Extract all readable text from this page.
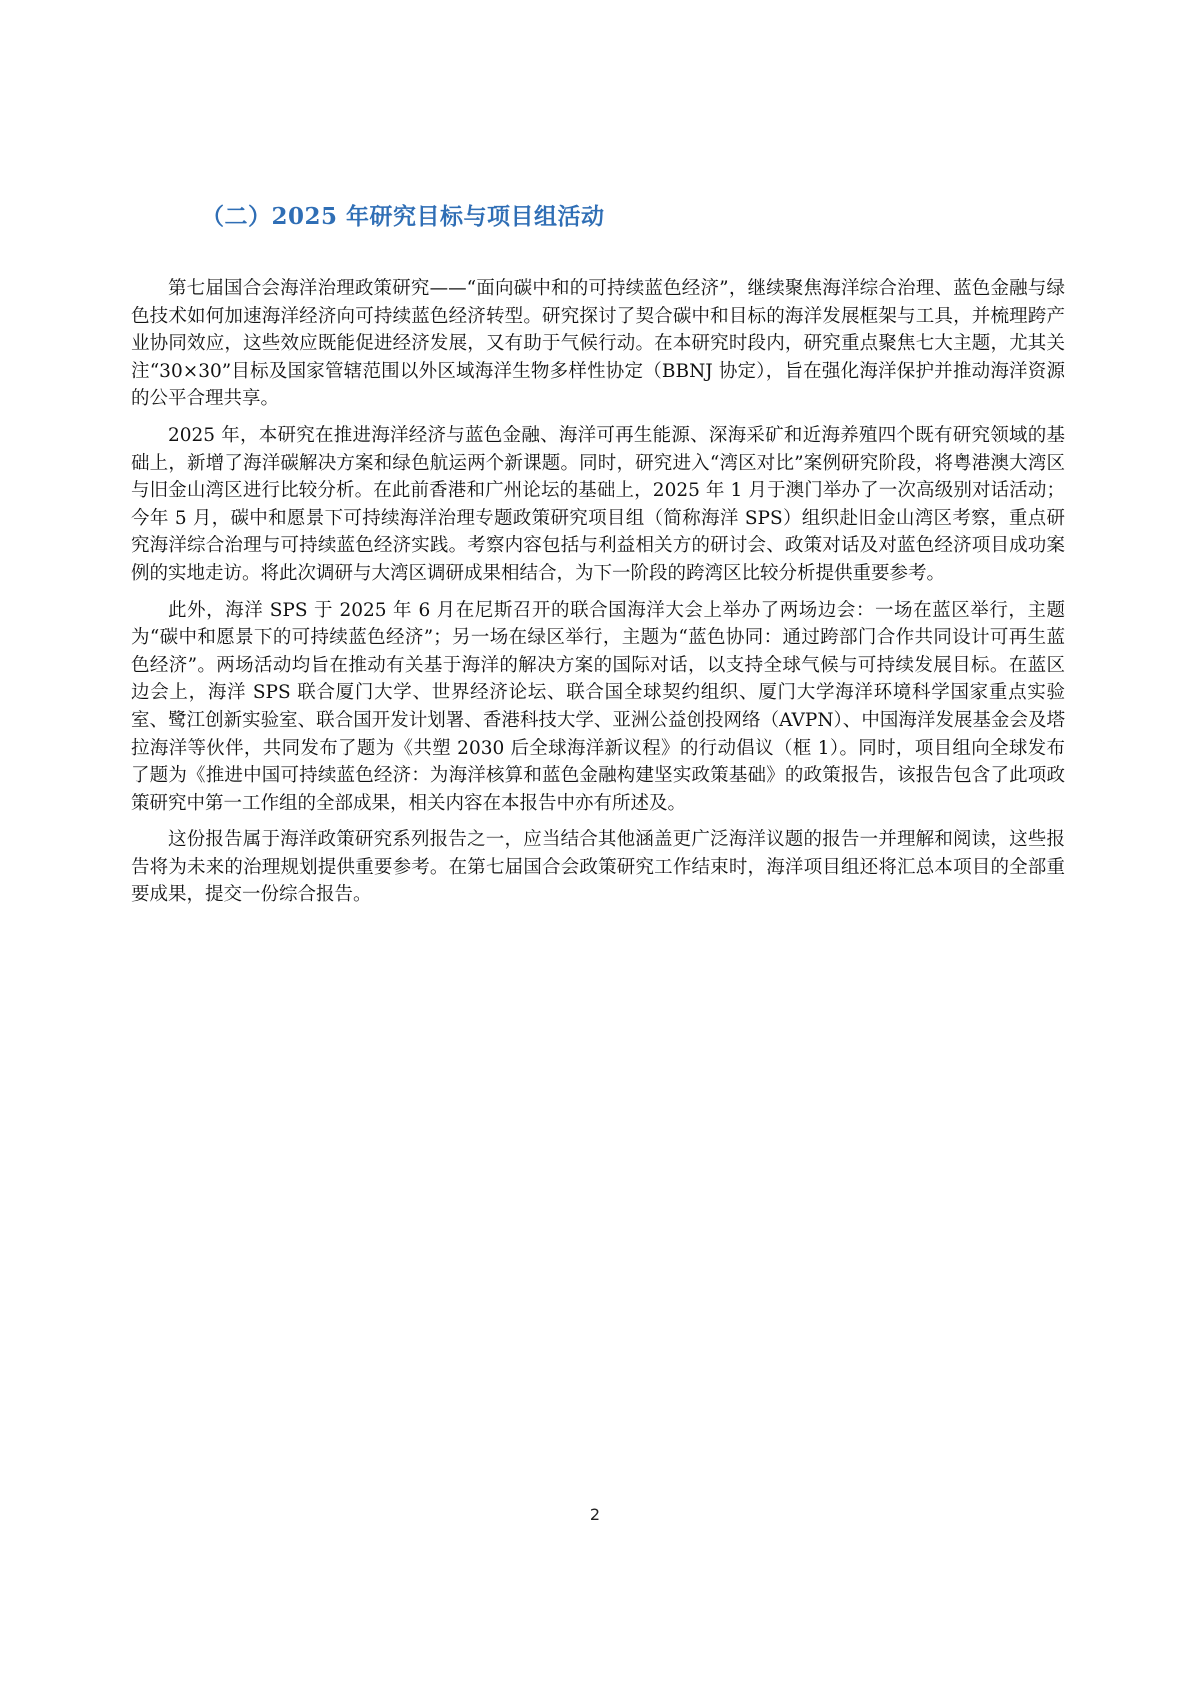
（二）2025 年研究目标与项目组活动

第七届国合会海洋治理政策研究——“面向碳中和的可持续蓝色经济”，继续聚焦海洋综合治理、蓝色金融与绿色技术如何加速海洋经济向可持续蓝色经济转型。研究探讨了契合碳中和目标的海洋发展框架与工具，并梳理跨产业协同效应，这些效应既能促进经济发展，又有助于气候行动。在本研究时段内，研究重点聚焦七大主题，尤其关注“30×30”目标及国家管辖范围以外区域海洋生物多样性协定（BBNJ 协定），旨在强化海洋保护并推动海洋资源的公平合理共享。

2025 年，本研究在推进海洋经济与蓝色金融、海洋可再生能源、深海采矿和近海养殖四个既有研究领域的基础上，新增了海洋碳解决方案和绿色航运两个新课题。同时，研究进入“湾区对比”案例研究阶段，将粤港澳大湾区与旧金山湾区进行比较分析。在此前香港和广州论坛的基础上，2025 年 1 月于澳门举办了一次高级别对话活动；今年 5 月，碳中和愿景下可持续海洋治理专题政策研究项目组（简称海洋 SPS）组织赴旧金山湾区考察，重点研究海洋综合治理与可持续蓝色经济实践。考察内容包括与利益相关方的研讨会、政策对话及对蓝色经济项目成功案例的实地走访。将此次调研与大湾区调研成果相结合，为下一阶段的跨湾区比较分析提供重要参考。

此外，海洋 SPS 于 2025 年 6 月在尼斯召开的联合国海洋大会上举办了两场边会：一场在蓝区举行，主题为“碳中和愿景下的可持续蓝色经济”；另一场在绿区举行，主题为“蓝色协同：通过跨部门合作共同设计可再生蓝色经济”。两场活动均旨在推动有关基于海洋的解决方案的国际对话，以支持全球气候与可持续发展目标。在蓝区边会上，海洋 SPS 联合厦门大学、世界经济论坛、联合国全球契约组织、厦门大学海洋环境科学国家重点实验室、鹭江创新实验室、联合国开发计划署、香港科技大学、亚洲公益创投网络（AVPN）、中国海洋发展基金会及塔拉海洋等伙伴，共同发布了题为《共塑 2030 后全球海洋新议程》的行动倡议（框 1）。同时，项目组向全球发布了题为《推进中国可持续蓝色经济：为海洋核算和蓝色金融构建坚实政策基础》的政策报告，该报告包含了此项政策研究中第一工作组的全部成果，相关内容在本报告中亦有所述及。

这份报告属于海洋政策研究系列报告之一，应当结合其他涵盖更广泛海洋议题的报告一并理解和阅读，这些报告将为未来的治理规划提供重要参考。在第七届国合会政策研究工作结束时，海洋项目组还将汇总本项目的全部重要成果，提交一份综合报告。

2
